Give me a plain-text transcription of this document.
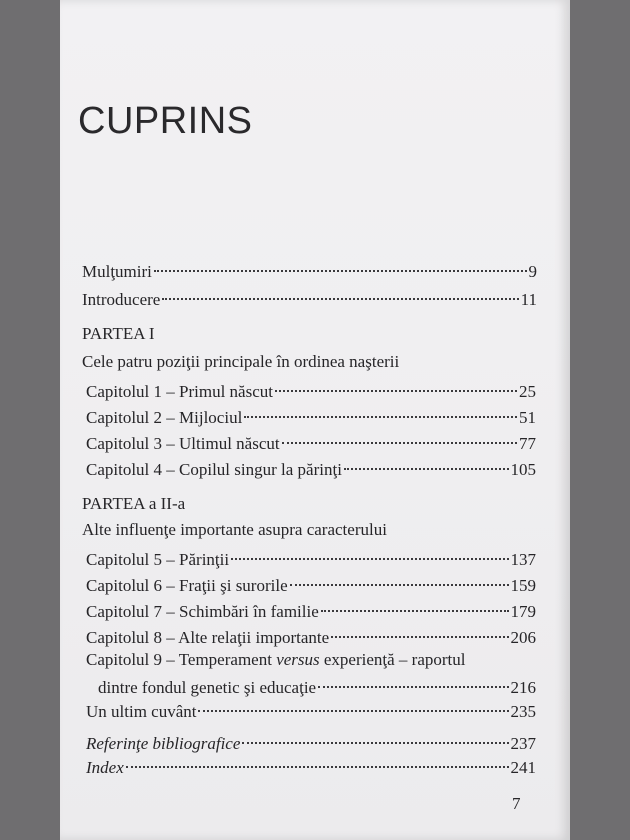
CUPRINS
Mulţumiri	9
Introducere	11
PARTEA I
Cele patru poziţii principale în ordinea naşterii
Capitolul 1 – Primul născut	25
Capitolul 2 – Mijlociul	51
Capitolul 3 – Ultimul născut	77
Capitolul 4 – Copilul singur la părinţi	105
PARTEA a II-a
Alte influenţe importante asupra caracterului
Capitolul 5 – Părinţii	137
Capitolul 6 – Fraţii şi surorile	159
Capitolul 7 – Schimbări în familie	179
Capitolul 8 – Alte relaţii importante	206
Capitolul 9 – Temperament versus experienţă – raportul
dintre fondul genetic şi educaţie	216
Un ultim cuvânt	235
Referinţe bibliografice	237
Index	241
7
